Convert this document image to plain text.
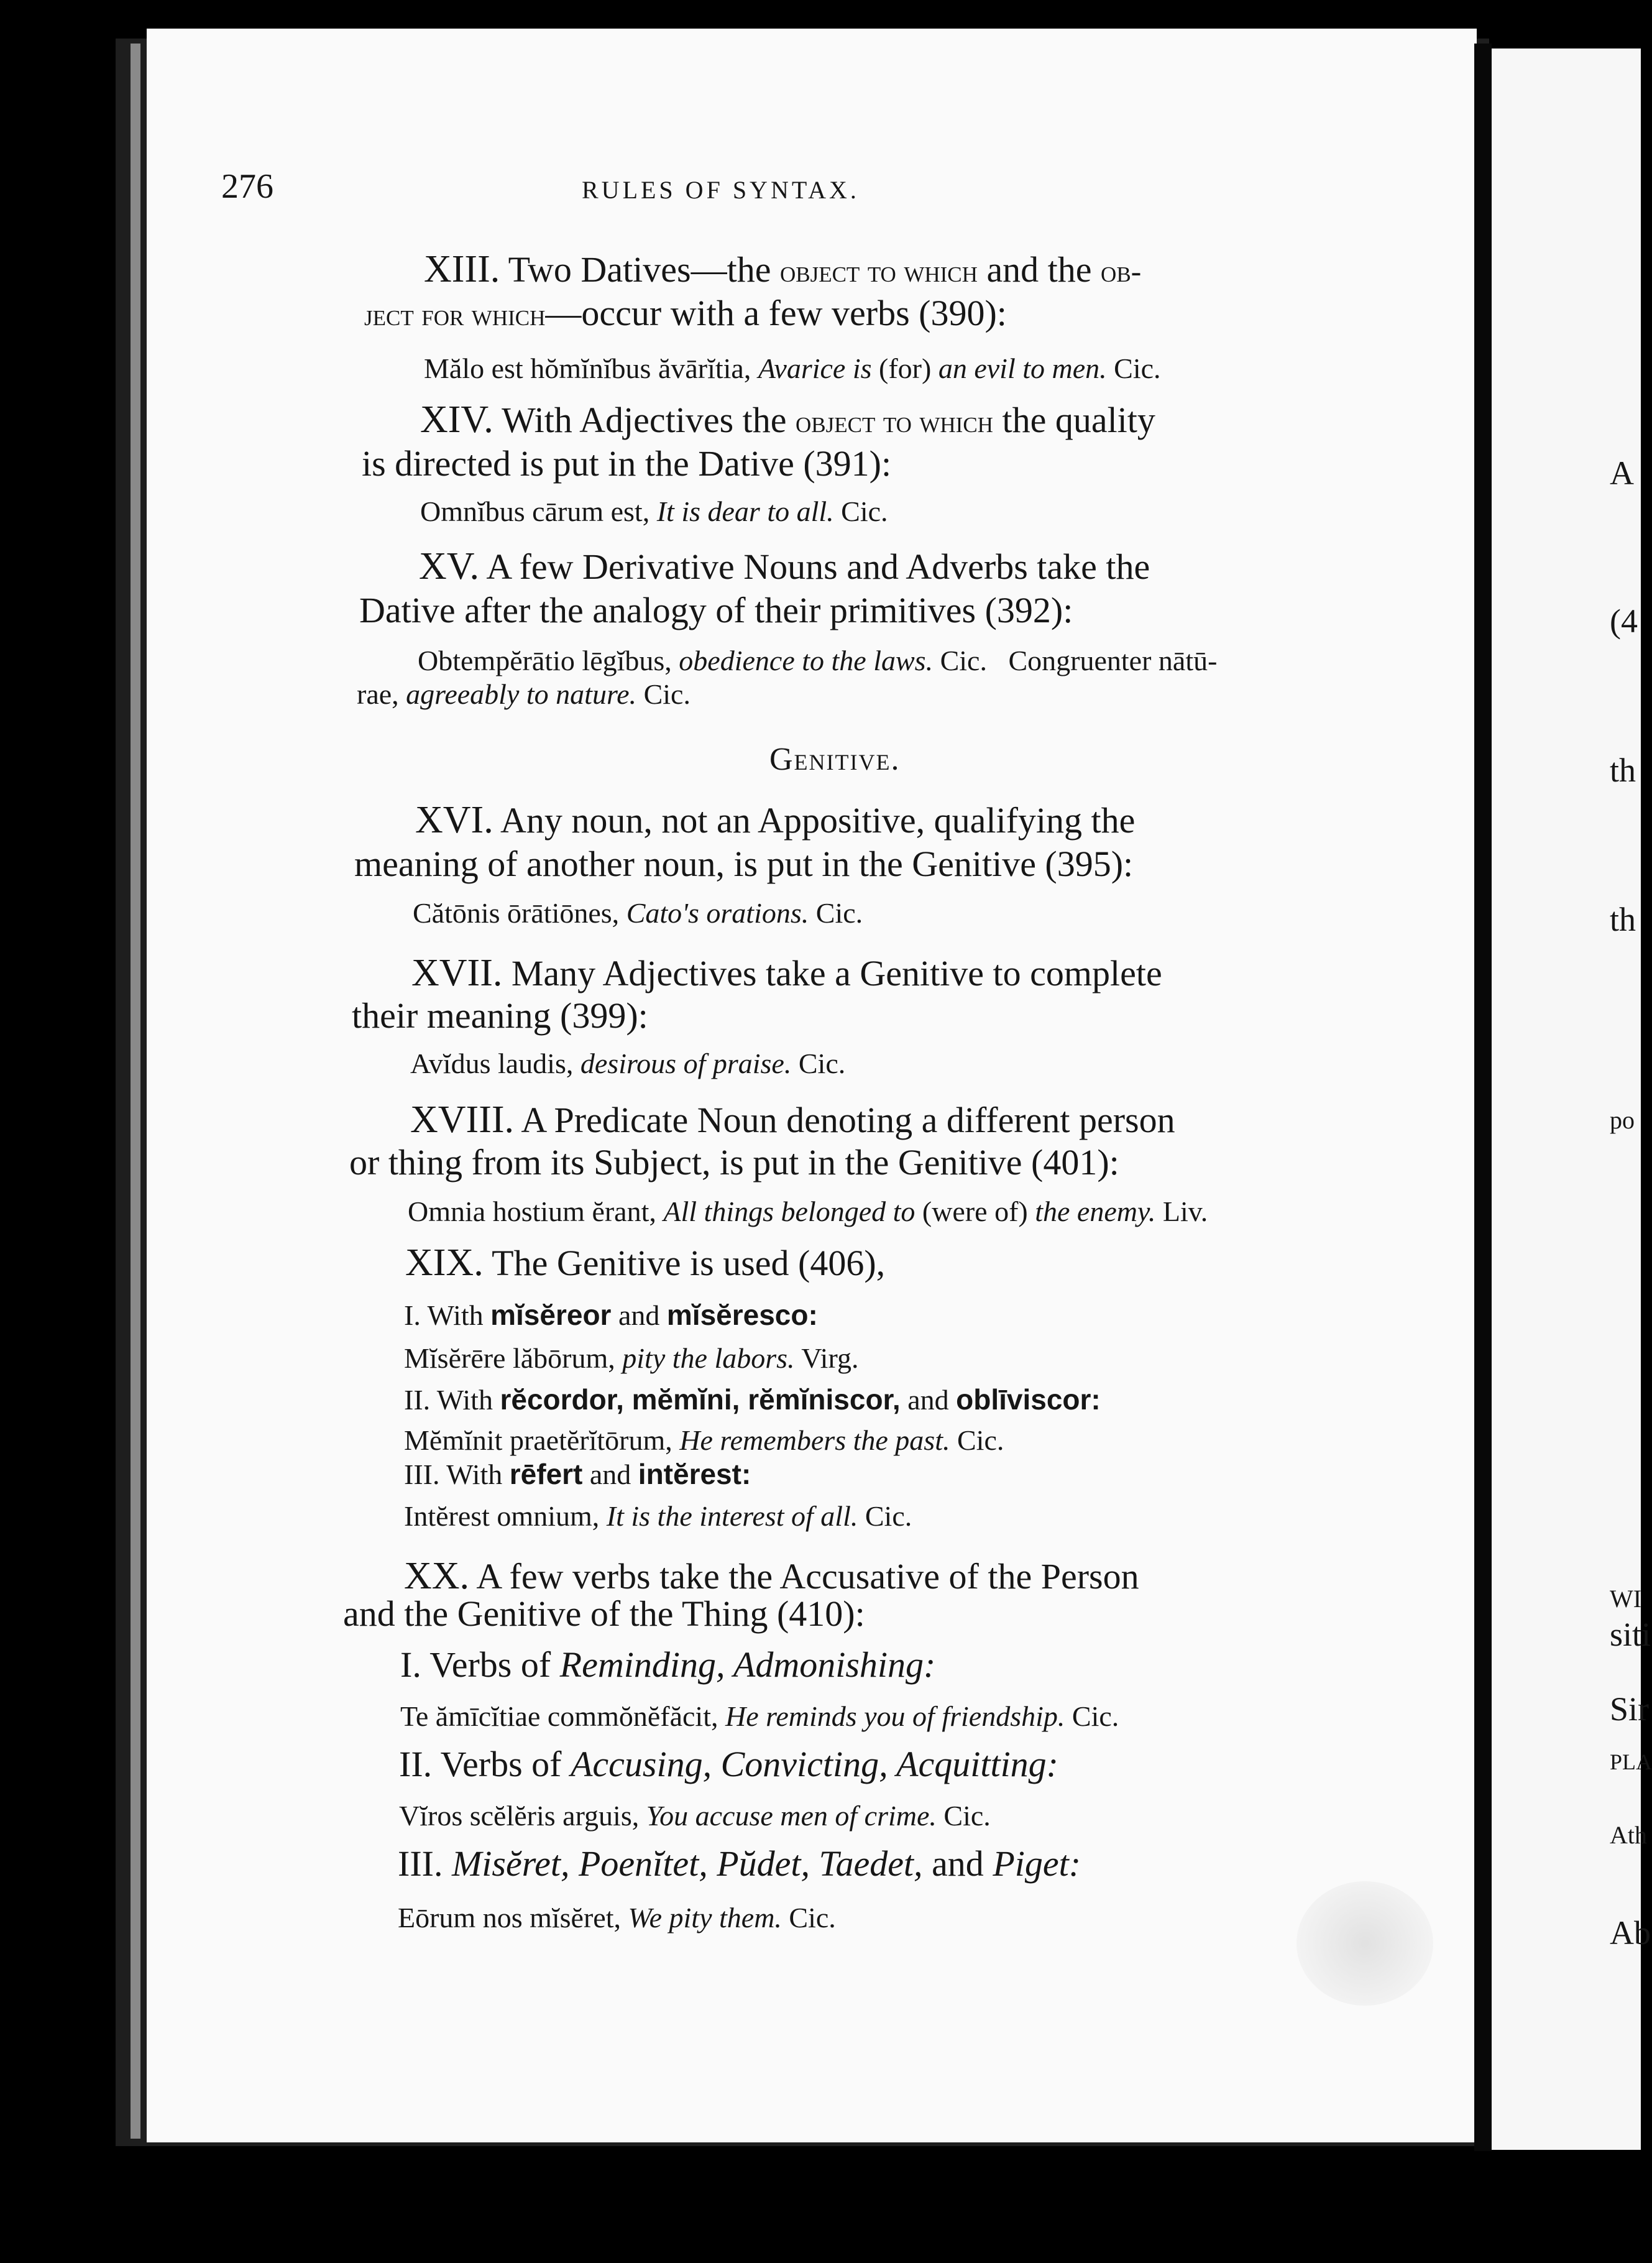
A
(4
th
th
po
WI
siti
Sir
PLA
Ath
Ab
276	RULES OF SYNTAX.
XIII. Two Datives—the object to which and the ob-
ject for which—occur with a few verbs (390):
Mălo est hŏmĭnĭbus ăvārĭtia, Avarice is (for) an evil to men. Cic.
XIV. With Adjectives the object to which the quality
is directed is put in the Dative (391):
Omnĭbus cārum est, It is dear to all. Cic.
XV. A few Derivative Nouns and Adverbs take the
Dative after the analogy of their primitives (392):
Obtempĕrātio lēgĭbus, obedience to the laws. Cic. Congruenter nātū-
rae, agreeably to nature. Cic.
Genitive.
XVI. Any noun, not an Appositive, qualifying the
meaning of another noun, is put in the Genitive (395):
Cătōnis ōrātiōnes, Cato's orations. Cic.
XVII. Many Adjectives take a Genitive to complete
their meaning (399):
Avĭdus laudis, desirous of praise. Cic.
XVIII. A Predicate Noun denoting a different person
or thing from its Subject, is put in the Genitive (401):
Omnia hostium ĕrant, All things belonged to (were of) the enemy. Liv.
XIX. The Genitive is used (406),
I. With mĭsĕreor and mĭsĕresco:
Mĭsĕrēre lăbōrum, pity the labors. Virg.
II. With rĕcordor, mĕmĭni, rĕmĭniscor, and oblīviscor:
Mĕmĭnit praetĕrĭtōrum, He remembers the past. Cic.
III. With rēfert and intĕrest:
Intĕrest omnium, It is the interest of all. Cic.
XX. A few verbs take the Accusative of the Person
and the Genitive of the Thing (410):
I. Verbs of Reminding, Admonishing:
Te ămīcĭtiae commŏnĕfăcit, He reminds you of friendship. Cic.
II. Verbs of Accusing, Convicting, Acquitting:
Vĭros scĕlĕris arguis, You accuse men of crime. Cic.
III. Misĕret, Poenĭtet, Pŭdet, Taedet, and Piget:
Eōrum nos mĭsĕret, We pity them. Cic.
